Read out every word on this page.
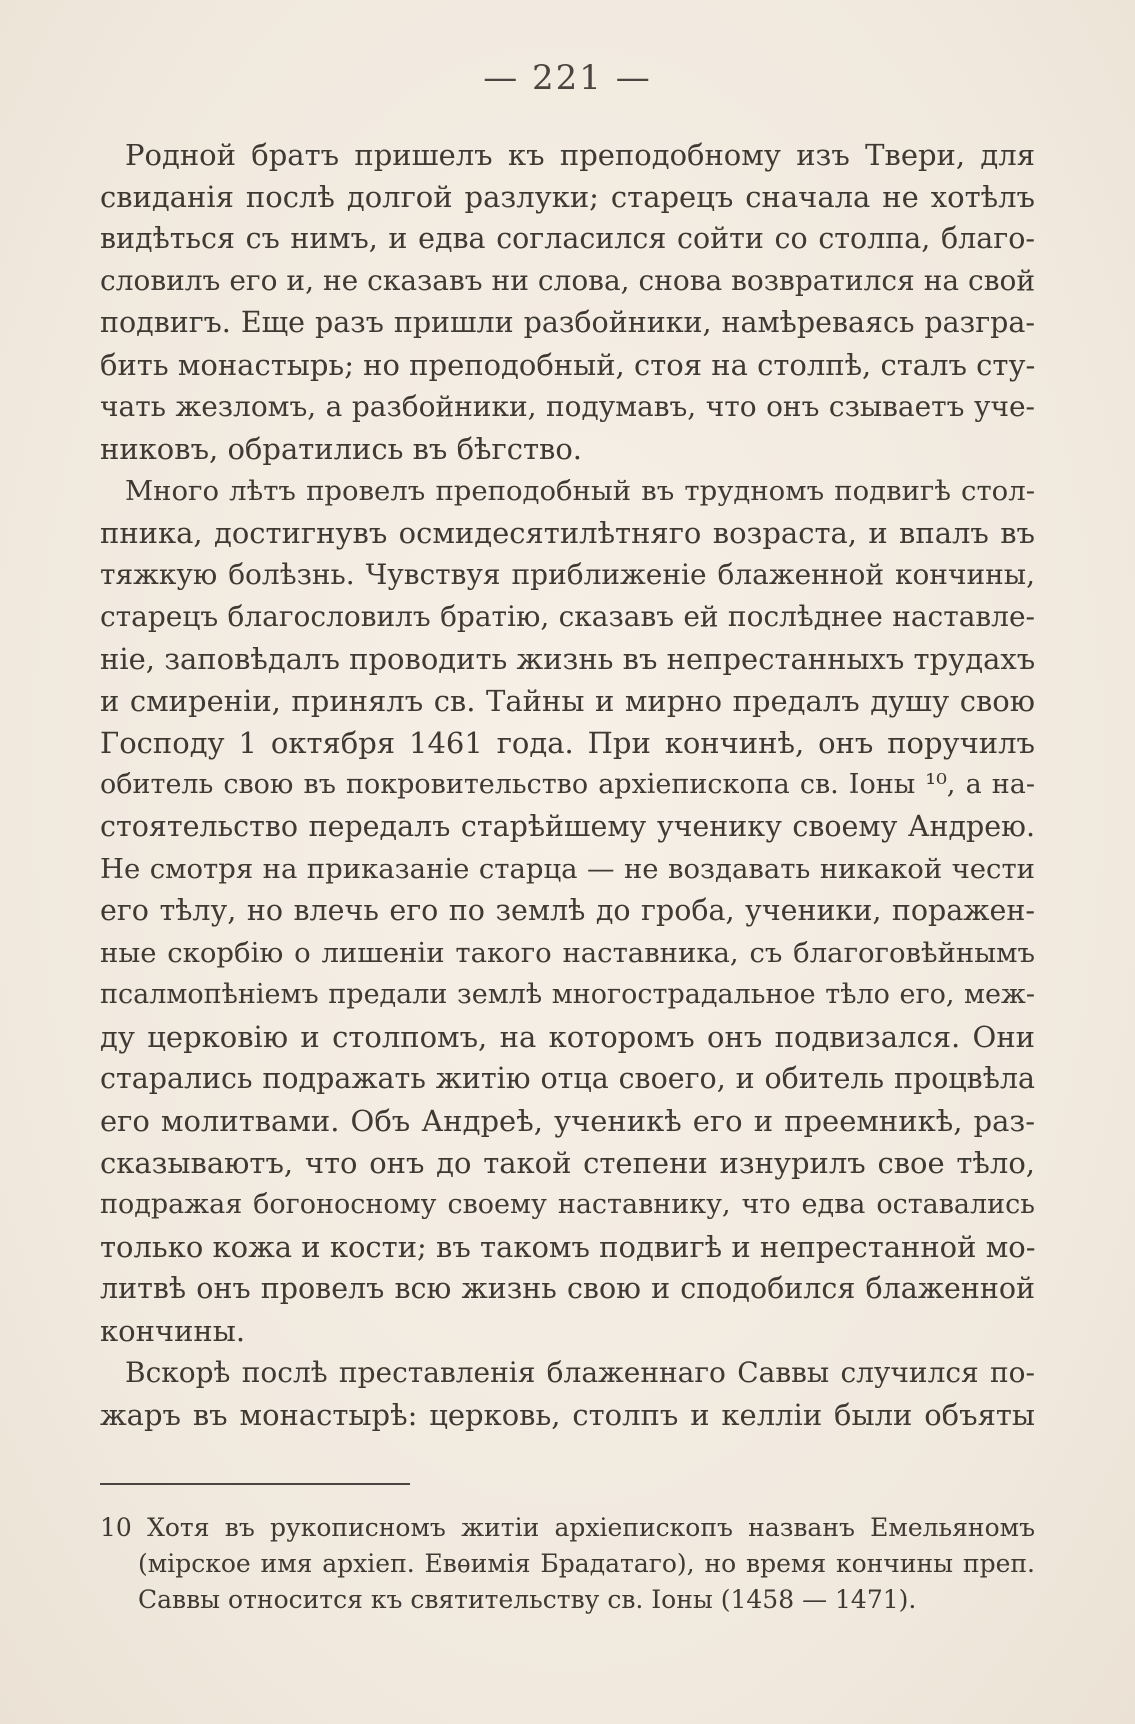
— 221 —
Родной братъ пришелъ къ преподобному изъ Твери, для
свиданія послѣ долгой разлуки; старецъ сначала не хотѣлъ
видѣться съ нимъ, и едва согласился сойти со столпа, благо-
словилъ его и, не сказавъ ни слова, снова возвратился на свой
подвигъ. Еще разъ пришли разбойники, намѣреваясь разгра-
бить монастырь; но преподобный, стоя на столпѣ, сталъ сту-
чать жезломъ, а разбойники, подумавъ, что онъ сзываетъ уче-
никовъ, обратились въ бѣгство.
Много лѣтъ провелъ преподобный въ трудномъ подвигѣ стол-
пника, достигнувъ осмидесятилѣтняго возраста, и впалъ въ
тяжкую болѣзнь. Чувствуя приближеніе блаженной кончины,
старецъ благословилъ братію, сказавъ ей послѣднее наставле-
ніе, заповѣдалъ проводить жизнь въ непрестанныхъ трудахъ
и смиреніи, принялъ св. Тайны и мирно предалъ душу свою
Господу 1 октября 1461 года. При кончинѣ, онъ поручилъ
обитель свою въ покровительство архіепископа св. Іоны ¹⁰, а на-
стоятельство передалъ старѣйшему ученику своему Андрею.
Не смотря на приказаніе старца — не воздавать никакой чести
его тѣлу, но влечь его по землѣ до гроба, ученики, поражен-
ные скорбію о лишеніи такого наставника, съ благоговѣйнымъ
псалмопѣніемъ предали землѣ многострадальное тѣло его, меж-
ду церковію и столпомъ, на которомъ онъ подвизался. Они
старались подражать житію отца своего, и обитель процвѣла
его молитвами. Объ Андреѣ, ученикѣ его и преемникѣ, раз-
сказываютъ, что онъ до такой степени изнурилъ свое тѣло,
подражая богоносному своему наставнику, что едва оставались
только кожа и кости; въ такомъ подвигѣ и непрестанной мо-
литвѣ онъ провелъ всю жизнь свою и сподобился блаженной
кончины.
Вскорѣ послѣ преставленія блаженнаго Саввы случился по-
жаръ въ монастырѣ: церковь, столпъ и келліи были объяты
10 Хотя въ рукописномъ житіи архіепископъ названъ Емельяномъ
(мірское имя архіеп. Евѳимія Брадатаго), но время кончины преп.
Саввы относится къ святительству св. Іоны (1458 — 1471).
